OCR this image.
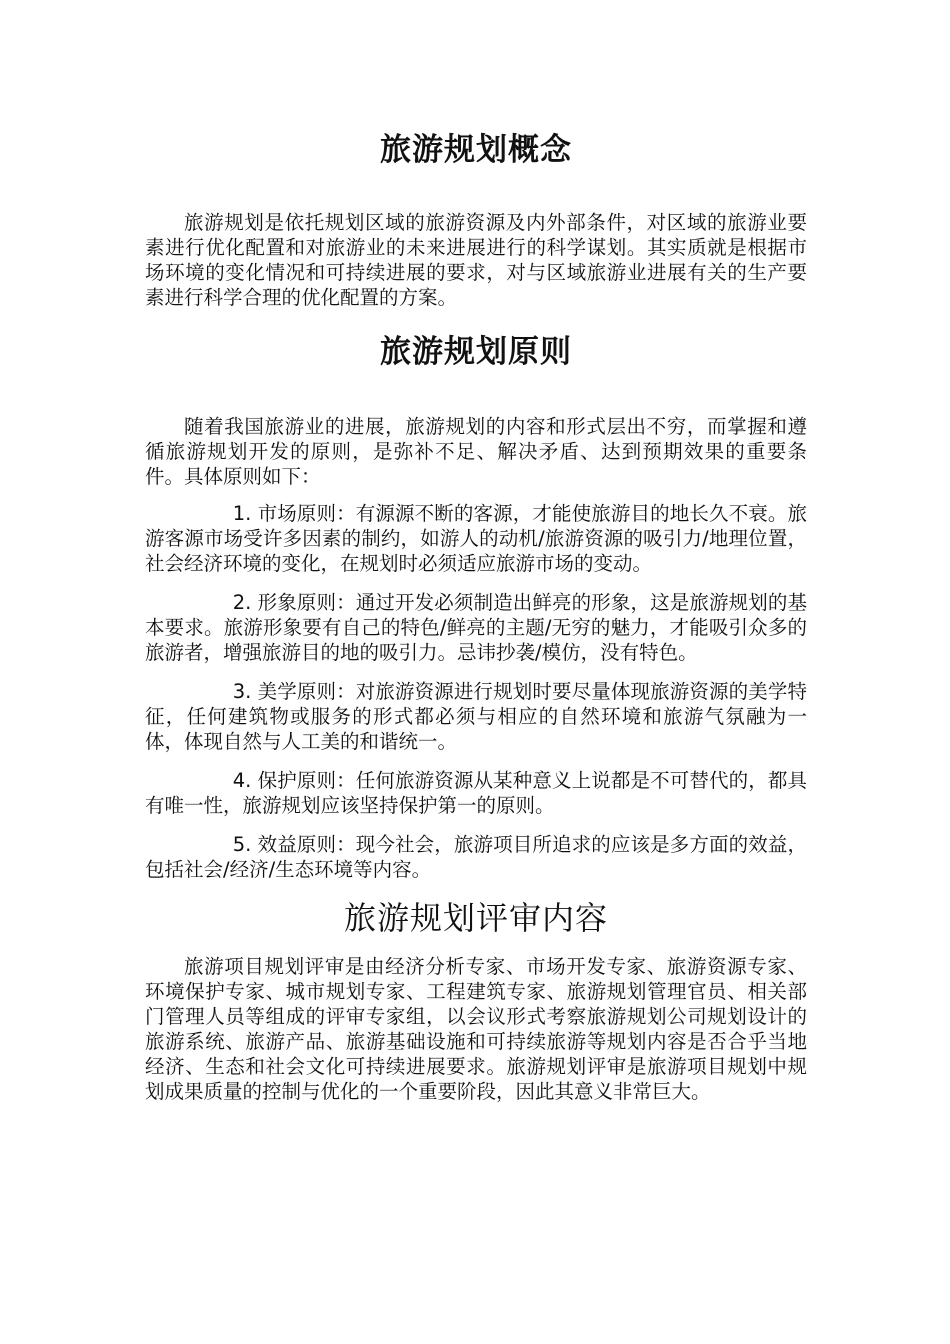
旅游规划概念

旅游规划是依托规划区域的旅游资源及内外部条件，对区域的旅游业要素进行优化配置和对旅游业的未来进展进行的科学谋划。其实质就是根据市场环境的变化情况和可持续进展的要求，对与区域旅游业进展有关的生产要素进行科学合理的优化配置的方案。

旅游规划原则

随着我国旅游业的进展，旅游规划的内容和形式层出不穷，而掌握和遵循旅游规划开发的原则，是弥补不足、解决矛盾、达到预期效果的重要条件。具体原则如下：

1. 市场原则：有源源不断的客源，才能使旅游目的地长久不衰。旅游客源市场受许多因素的制约，如游人的动机/旅游资源的吸引力/地理位置，社会经济环境的变化，在规划时必须适应旅游市场的变动。

2. 形象原则：通过开发必须制造出鲜亮的形象，这是旅游规划的基本要求。旅游形象要有自己的特色/鲜亮的主题/无穷的魅力，才能吸引众多的旅游者，增强旅游目的地的吸引力。忌讳抄袭/模仿，没有特色。

3. 美学原则：对旅游资源进行规划时要尽量体现旅游资源的美学特征，任何建筑物或服务的形式都必须与相应的自然环境和旅游气氛融为一体，体现自然与人工美的和谐统一。

4. 保护原则：任何旅游资源从某种意义上说都是不可替代的，都具有唯一性，旅游规划应该坚持保护第一的原则。

5. 效益原则：现今社会，旅游项目所追求的应该是多方面的效益，包括社会/经济/生态环境等内容。

旅游规划评审内容

旅游项目规划评审是由经济分析专家、市场开发专家、旅游资源专家、环境保护专家、城市规划专家、工程建筑专家、旅游规划管理官员、相关部门管理人员等组成的评审专家组，以会议形式考察旅游规划公司规划设计的旅游系统、旅游产品、旅游基础设施和可持续旅游等规划内容是否合乎当地经济、生态和社会文化可持续进展要求。旅游规划评审是旅游项目规划中规划成果质量的控制与优化的一个重要阶段，因此其意义非常巨大。
